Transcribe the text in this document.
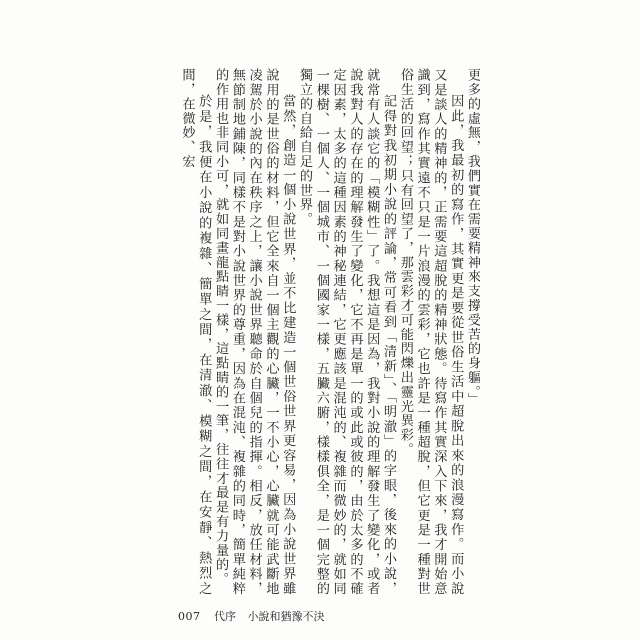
更多的虛無，我們實在需要精神來支撐受苦的身軀。」

因此，我最初的寫作，其實更是要從世俗生活中超脫出來的浪漫寫作。而小說又是談人的精神的，正需要這超脫的精神狀態。待寫作其實深入下來，我才開始意識到，寫作其實遠不只是一片浪漫的雲彩，它也許是一種超脫，但它更是一種對世俗生活的回望；只有回望了，那雲彩才可能閃爍出靈光異彩。

記得對我初期小說的評論，常可看到「清新」、「明澈」的字眼，後來的小說，就常有人談它的「模糊性」了。我想這是因為，我對小說的理解發生了變化，或者說我對人的存在的理解發生了變化，它不再是單一的或此或彼的，由於太多的不確定因素，太多的這種因素的神秘連結，它更應該是混沌的、複雜而微妙的，就如同一棵樹、一個人、一個城市、一個國家一樣，五臟六腑，樣樣俱全，是一個完整的獨立的自給自足的世界。

當然，創造一個小說世界，並不比建造一個世俗世界更容易，因為小說世界雖說用的是世俗的材料，但它全來自一個主觀的心臟，一不小心，心臟就可能武斷地凌駕於小說的內在秩序之上，讓小說世界聽命於自個兒的指揮。相反，放任材料，無節制地鋪陳，同樣不是對小說世界的尊重，因為在混沌、複雜的同時，簡單純粹的作用也非同小可，就如同畫龍點睛一樣，這點睛的一筆，往往才最是有力量的。

於是，我便在小說的複雜、簡單之間，在清澈、模糊之間，在安靜、熱烈之間，在微妙、宏

007 代序 小說和猶豫不決
